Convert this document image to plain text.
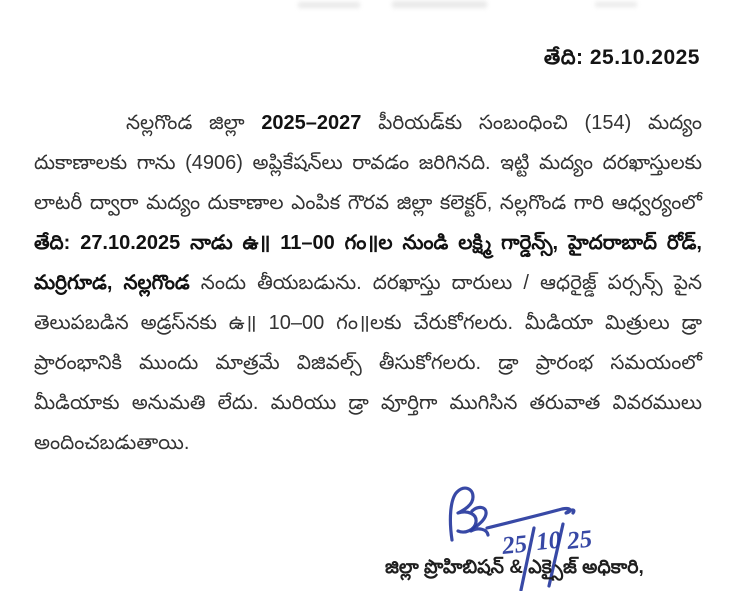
తేది: 25.10.2025

నల్లగొండ జిల్లా 2025–2027 పీరియడ్‌కు సంబంధించి (154) మద్యం దుకాణాలకు గాను (4906) అప్లికేషన్‌లు రావడం జరిగినది. ఇట్టి మద్యం దరఖాస్తులకు లాటరీ ద్వారా మద్యం దుకాణాల ఎంపిక గౌరవ జిల్లా కలెక్టర్, నల్లగొండ గారి ఆధ్వర్యంలో తేది: 27.10.2025 నాడు ఉ॥ 11–00 గం॥ల నుండి లక్ష్మి గార్డెన్స్, హైదరాబాద్ రోడ్, మర్రిగూడ, నల్లగొండ నందు తీయబడును. దరఖాస్తు దారులు / ఆధరైజ్డ్ పర్సన్స్ పైన తెలుపబడిన అడ్రస్‌నకు ఉ॥ 10–00 గం॥లకు చేరుకోగలరు. మీడియా మిత్రులు డ్రా ప్రారంభానికి ముందు మాత్రమే విజివల్స్ తీసుకోగలరు. డ్రా ప్రారంభ సమయంలో మీడియాకు అనుమతి లేదు. మరియు డ్రా వూర్తిగా ముగిసిన తరువాత వివరములు అందించబడుతాయి.

25 10 25
జిల్లా ప్రొహిబిషన్ & ఎక్సైజ్ అధికారి,
